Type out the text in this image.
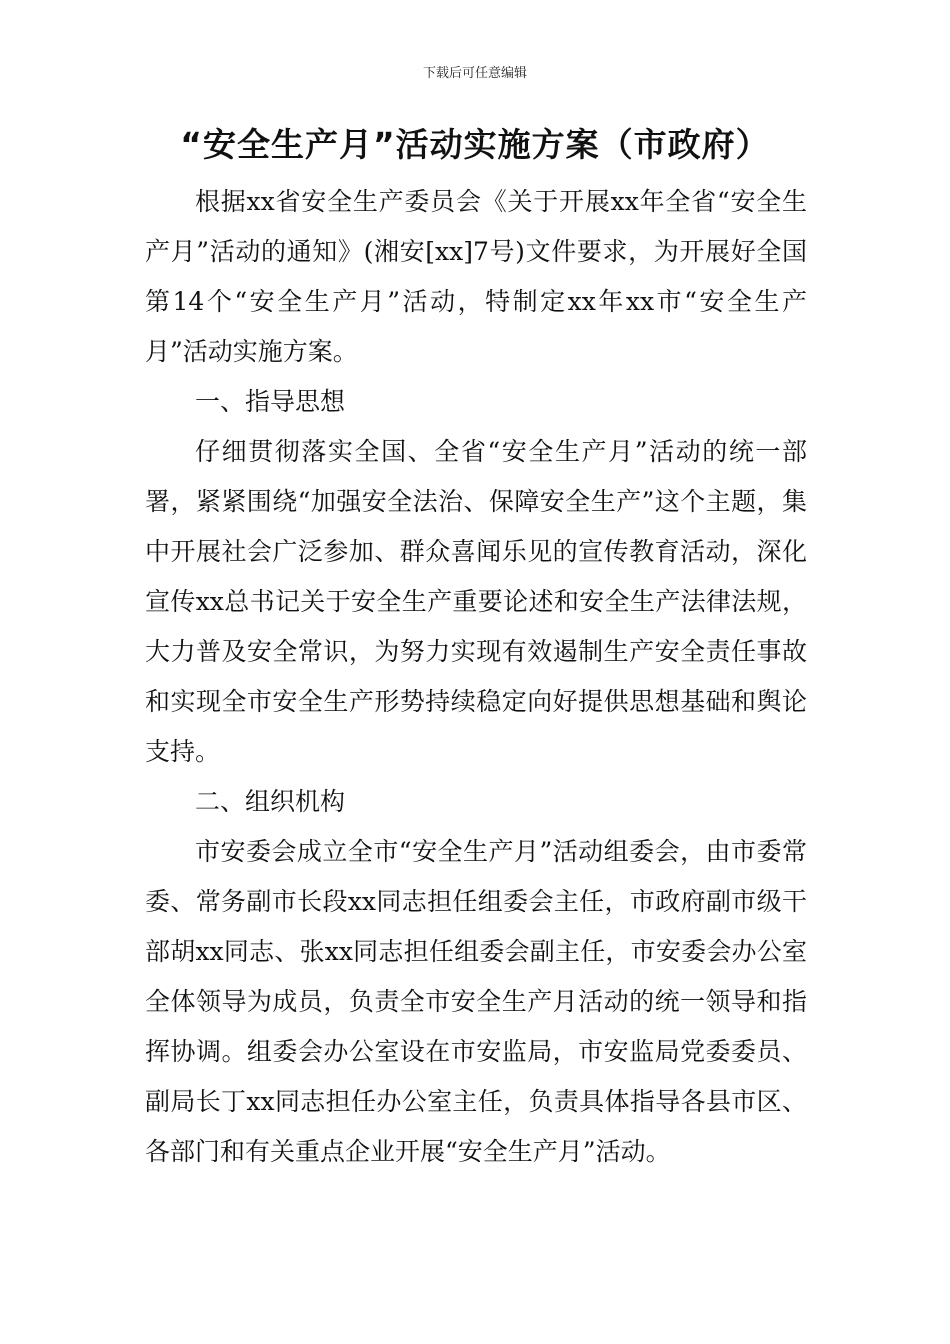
下载后可任意编辑
“安全生产月”活动实施方案（市政府）

根据xx省安全生产委员会《关于开展xx年全省“安全生产月”活动的通知》(湘安[xx]7号)文件要求，为开展好全国第14个“安全生产月”活动，特制定xx年xx市“安全生产月”活动实施方案。

一、指导思想

仔细贯彻落实全国、全省“安全生产月”活动的统一部署，紧紧围绕“加强安全法治、保障安全生产”这个主题，集中开展社会广泛参加、群众喜闻乐见的宣传教育活动，深化宣传xx总书记关于安全生产重要论述和安全生产法律法规，大力普及安全常识，为努力实现有效遏制生产安全责任事故和实现全市安全生产形势持续稳定向好提供思想基础和舆论支持。

二、组织机构

市安委会成立全市“安全生产月”活动组委会，由市委常委、常务副市长段xx同志担任组委会主任，市政府副市级干部胡xx同志、张xx同志担任组委会副主任，市安委会办公室全体领导为成员，负责全市安全生产月活动的统一领导和指挥协调。组委会办公室设在市安监局，市安监局党委委员、副局长丁xx同志担任办公室主任，负责具体指导各县市区、各部门和有关重点企业开展“安全生产月”活动。
